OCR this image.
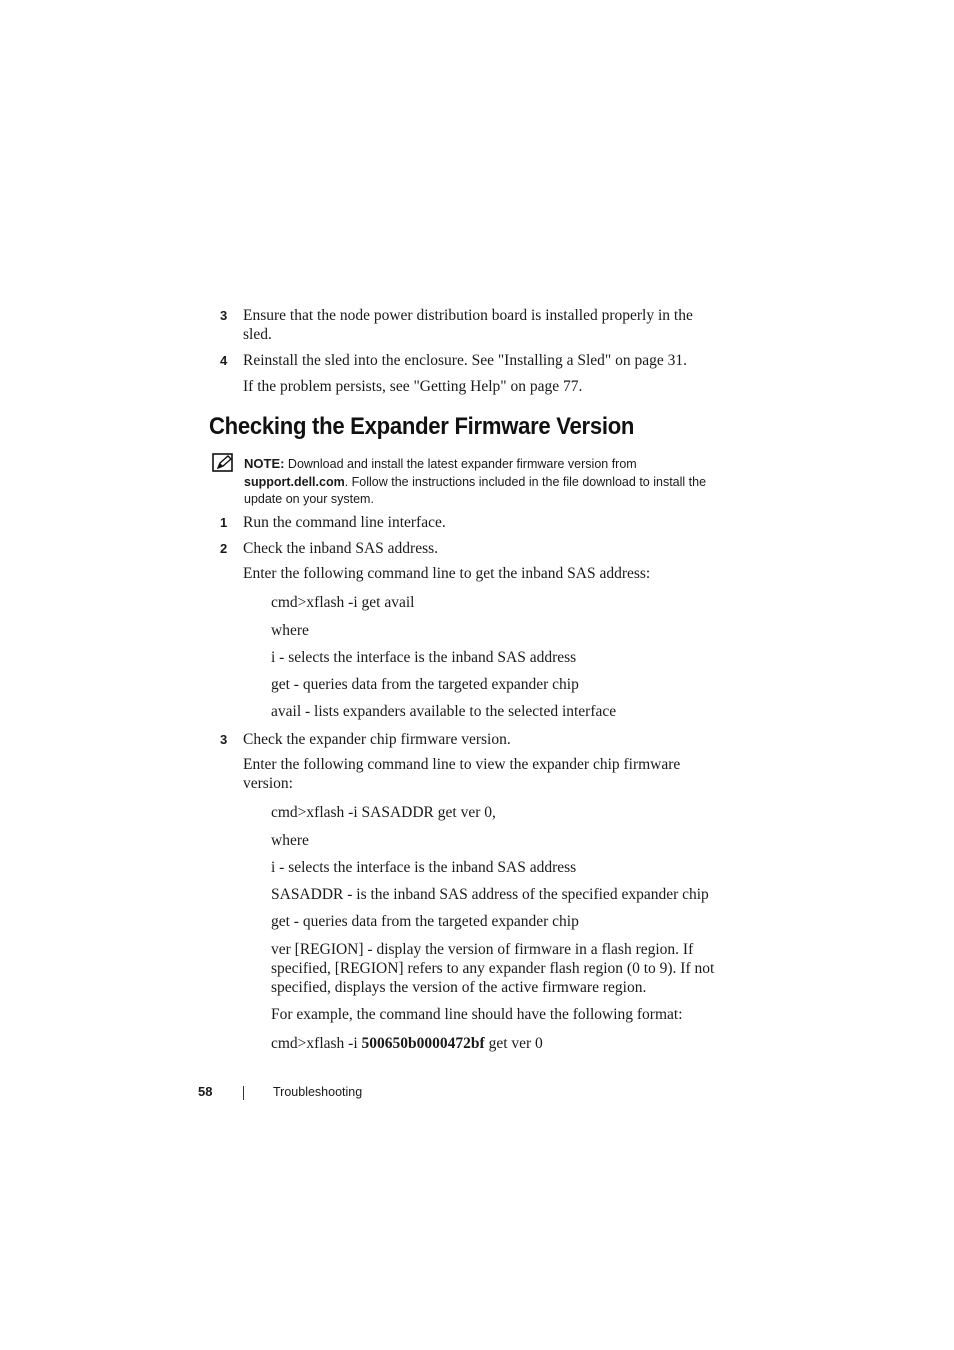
3 Ensure that the node power distribution board is installed properly in the sled.
4 Reinstall the sled into the enclosure. See "Installing a Sled" on page 31.
If the problem persists, see "Getting Help" on page 77.
Checking the Expander Firmware Version
NOTE: Download and install the latest expander firmware version from support.dell.com. Follow the instructions included in the file download to install the update on your system.
1 Run the command line interface.
2 Check the inband SAS address.
Enter the following command line to get the inband SAS address:
cmd>xflash -i get avail
where
i - selects the interface is the inband SAS address
get - queries data from the targeted expander chip
avail - lists expanders available to the selected interface
3 Check the expander chip firmware version.
Enter the following command line to view the expander chip firmware version:
cmd>xflash -i SASADDR get ver 0,
where
i - selects the interface is the inband SAS address
SASADDR - is the inband SAS address of the specified expander chip
get - queries data from the targeted expander chip
ver [REGION] - display the version of firmware in a flash region. If specified, [REGION] refers to any expander flash region (0 to 9). If not specified, displays the version of the active firmware region.
For example, the command line should have the following format:
cmd>xflash -i 500650b0000472bf get ver 0
58	Troubleshooting
